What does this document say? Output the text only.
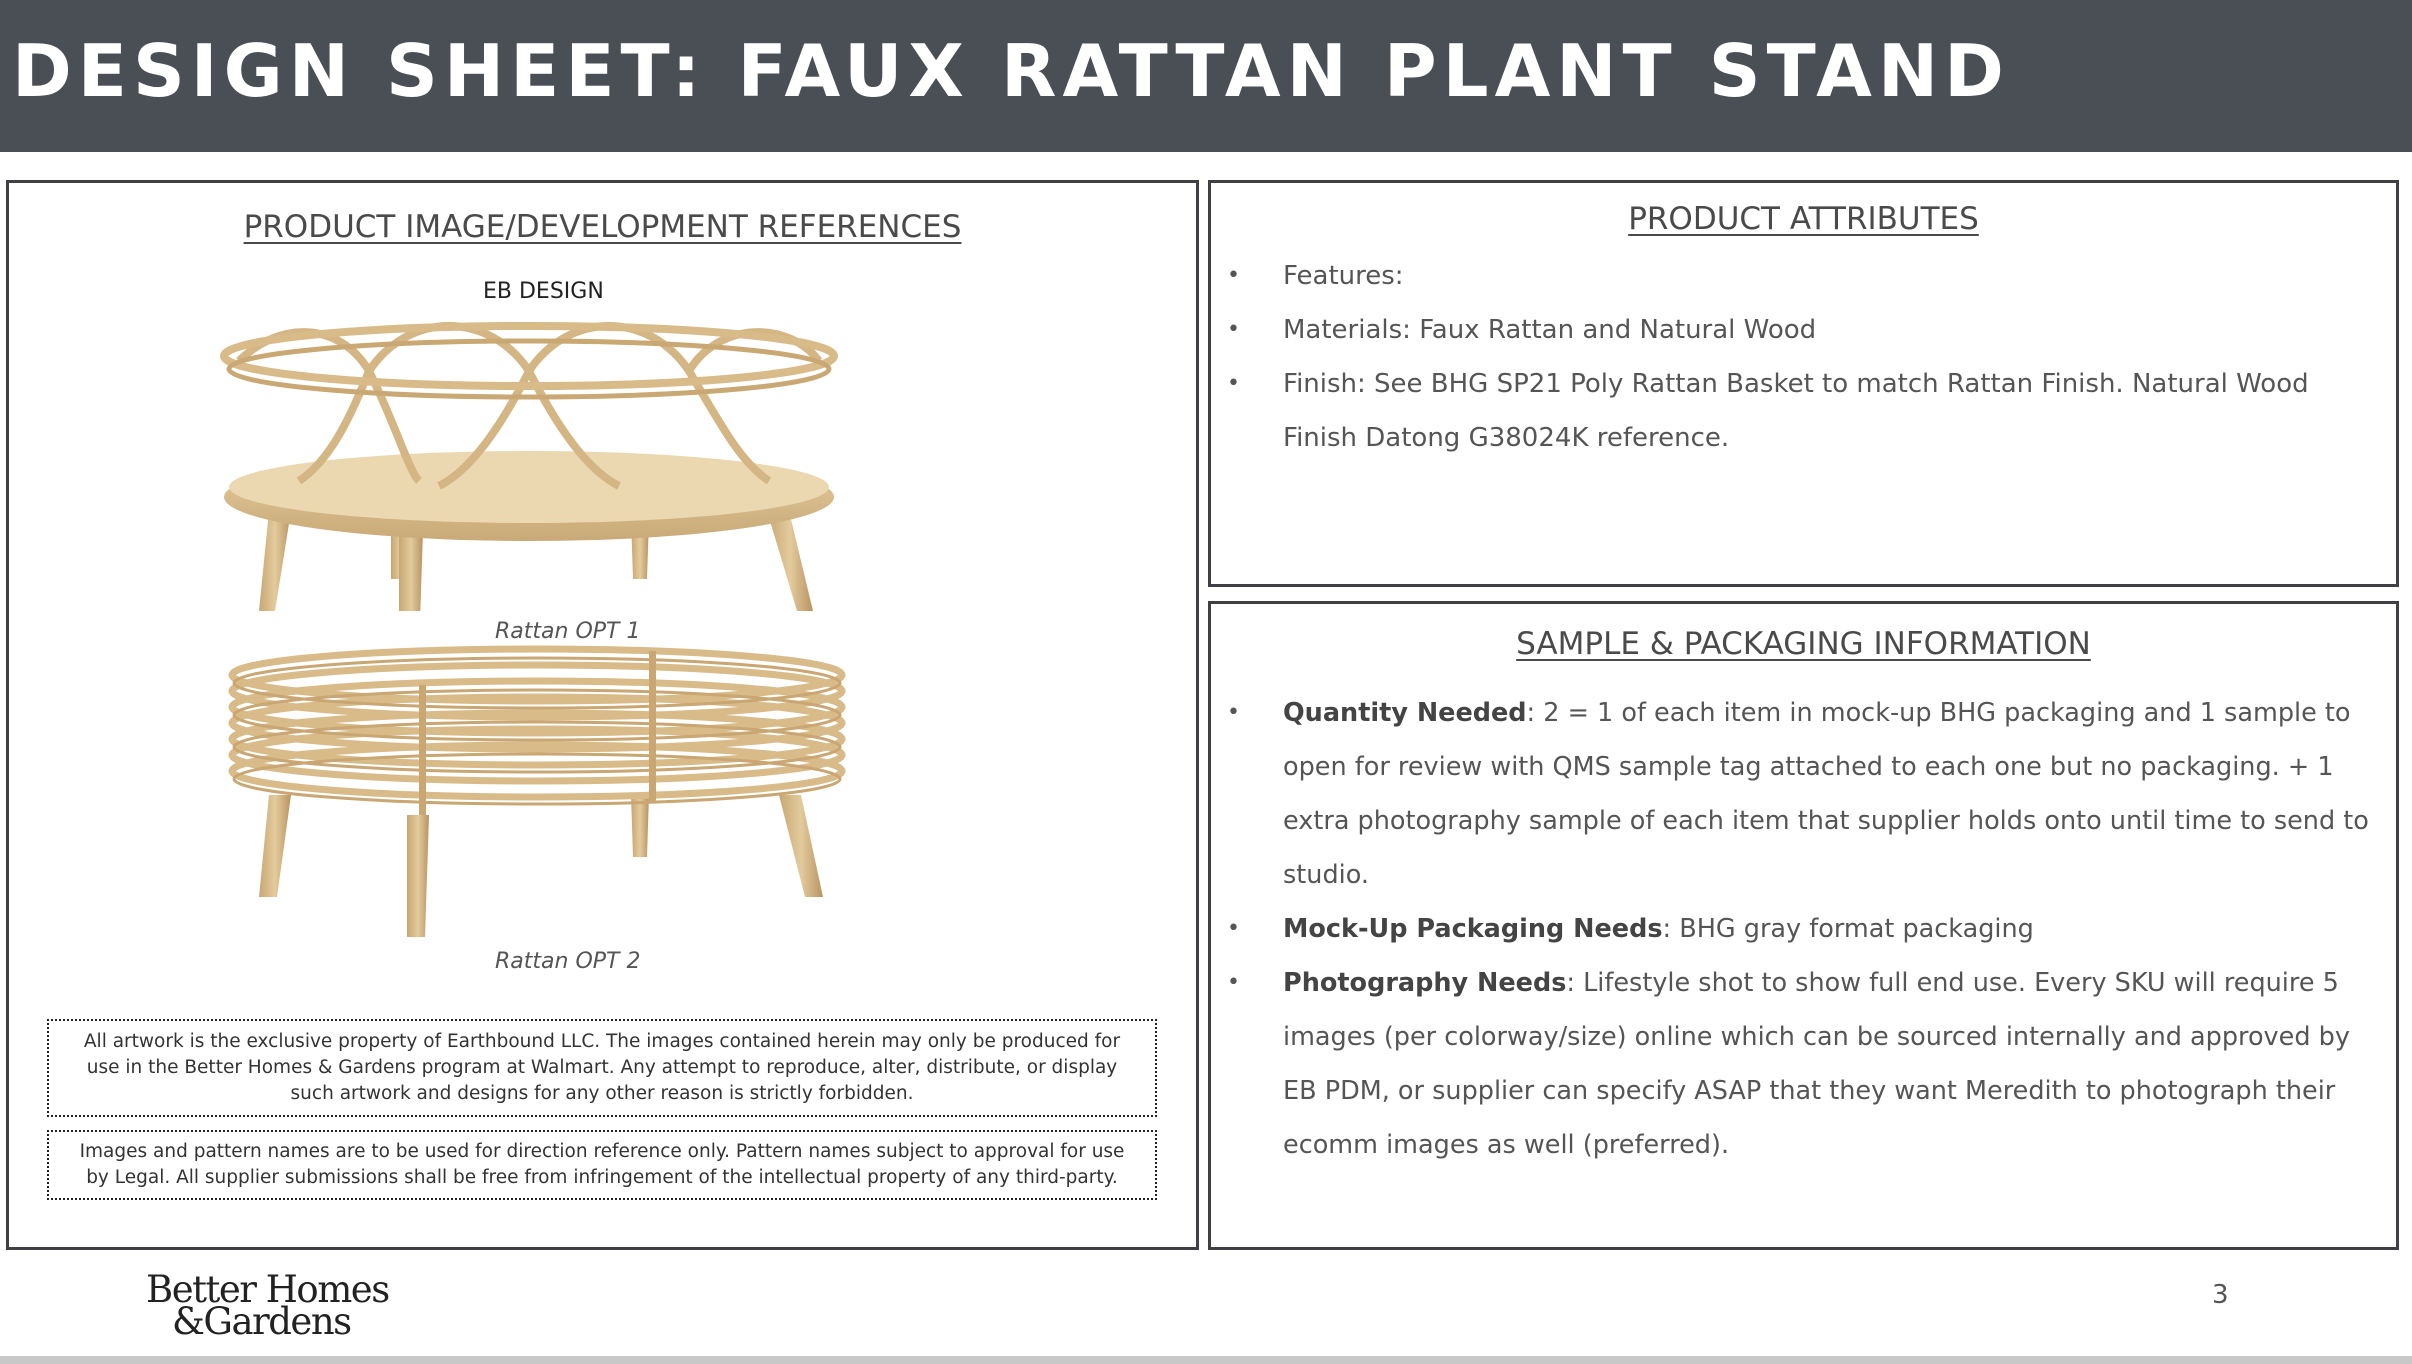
DESIGN SHEET: FAUX RATTAN PLANT STAND
PRODUCT IMAGE/DEVELOPMENT REFERENCES
EB DESIGN
Rattan OPT 1
Rattan OPT 2
All artwork is the exclusive property of Earthbound LLC. The images contained herein may only be produced for use in the Better Homes & Gardens program at Walmart. Any attempt to reproduce, alter, distribute, or display such artwork and designs for any other reason is strictly forbidden.
Images and pattern names are to be used for direction reference only. Pattern names subject to approval for use by Legal. All supplier submissions shall be free from infringement of the intellectual property of any third-party.
PRODUCT ATTRIBUTES
• Features:
• Materials: Faux Rattan and Natural Wood
• Finish: See BHG SP21 Poly Rattan Basket to match Rattan Finish. Natural Wood Finish Datong G38024K reference.
SAMPLE & PACKAGING INFORMATION
• Quantity Needed: 2 = 1 of each item in mock-up BHG packaging and 1 sample to open for review with QMS sample tag attached to each one but no packaging. + 1 extra photography sample of each item that supplier holds onto until time to send to studio.
• Mock-Up Packaging Needs: BHG gray format packaging
• Photography Needs: Lifestyle shot to show full end use. Every SKU will require 5 images (per colorway/size) online which can be sourced internally and approved by EB PDM, or supplier can specify ASAP that they want Meredith to photograph their ecomm images as well (preferred).
Better Homes
&Gardens
3
